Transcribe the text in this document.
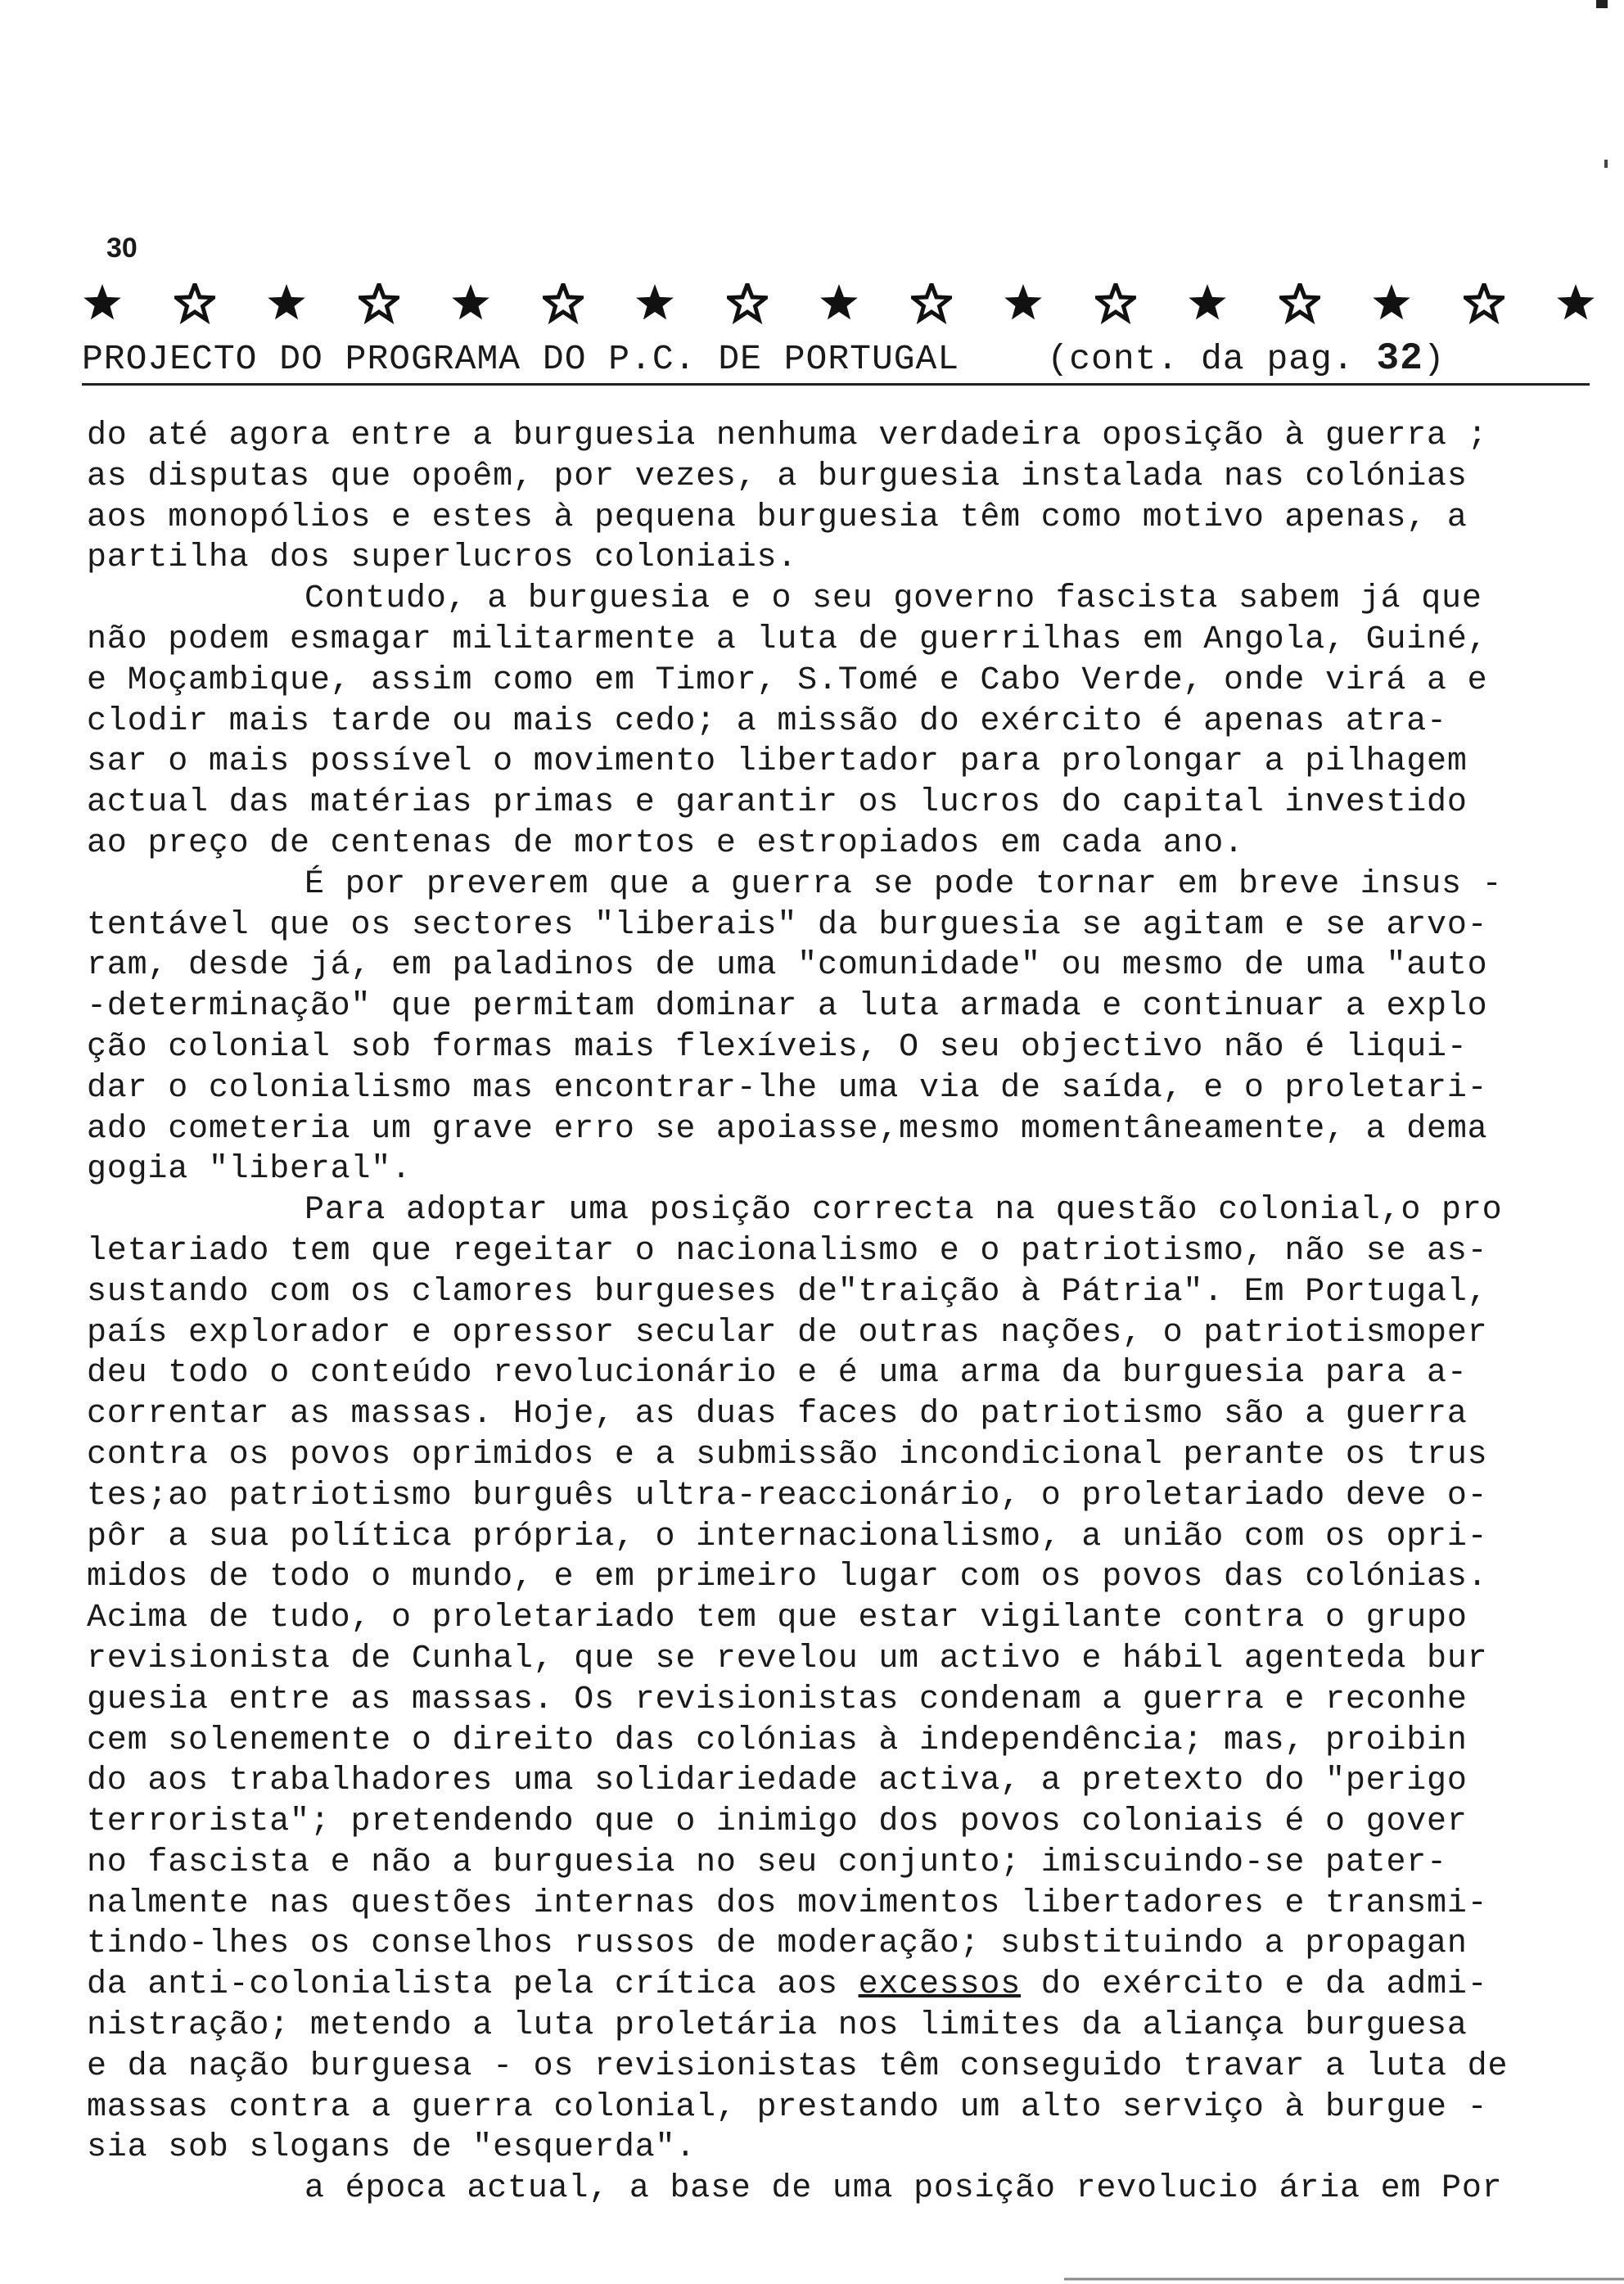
30
PROJECTO DO PROGRAMA DO P.C. DE PORTUGAL (cont. da pag. 32)
do até agora entre a burguesia nenhuma verdadeira oposição à guerra ;
as disputas que opoêm, por vezes, a burguesia instalada nas colónias
aos monopólios e estes à pequena burguesia têm como motivo apenas, a
partilha dos superlucros coloniais.
Contudo, a burguesia e o seu governo fascista sabem já que
não podem esmagar militarmente a luta de guerrilhas em Angola, Guiné,
e Moçambique, assim como em Timor, S.Tomé e Cabo Verde, onde virá a e
clodir mais tarde ou mais cedo; a missão do exército é apenas atra-
sar o mais possível o movimento libertador para prolongar a pilhagem
actual das matérias primas e garantir os lucros do capital investido
ao preço de centenas de mortos e estropiados em cada ano.
É por preverem que a guerra se pode tornar em breve insus -
tentável que os sectores "liberais" da burguesia se agitam e se arvo-
ram, desde já, em paladinos de uma "comunidade" ou mesmo de uma "auto
-determinação" que permitam dominar a luta armada e continuar a explo
ção colonial sob formas mais flexíveis, O seu objectivo não é liqui-
dar o colonialismo mas encontrar-lhe uma via de saída, e o proletari-
ado cometeria um grave erro se apoiasse,mesmo momentâneamente, a dema
gogia "liberal".
Para adoptar uma posição correcta na questão colonial,o pro
letariado tem que regeitar o nacionalismo e o patriotismo, não se as-
sustando com os clamores burgueses de"traição à Pátria". Em Portugal,
país explorador e opressor secular de outras nações, o patriotismoper
deu todo o conteúdo revolucionário e é uma arma da burguesia para a-
correntar as massas. Hoje, as duas faces do patriotismo são a guerra
contra os povos oprimidos e a submissão incondicional perante os trus
tes;ao patriotismo burguês ultra-reaccionário, o proletariado deve o-
pôr a sua política própria, o internacionalismo, a união com os opri-
midos de todo o mundo, e em primeiro lugar com os povos das colónias.
Acima de tudo, o proletariado tem que estar vigilante contra o grupo
revisionista de Cunhal, que se revelou um activo e hábil agenteda bur
guesia entre as massas. Os revisionistas condenam a guerra e reconhe
cem solenemente o direito das colónias à independência; mas, proibin
do aos trabalhadores uma solidariedade activa, a pretexto do "perigo
terrorista"; pretendendo que o inimigo dos povos coloniais é o gover
no fascista e não a burguesia no seu conjunto; imiscuindo-se pater-
nalmente nas questões internas dos movimentos libertadores e transmi-
tindo-lhes os conselhos russos de moderação; substituindo a propagan
da anti-colonialista pela crítica aos excessos do exército e da admi-
nistração; metendo a luta proletária nos limites da aliança burguesa
e da nação burguesa - os revisionistas têm conseguido travar a luta de
massas contra a guerra colonial, prestando um alto serviço à burgue -
sia sob slogans de "esquerda".
a época actual, a base de uma posição revolucio ária em Por
